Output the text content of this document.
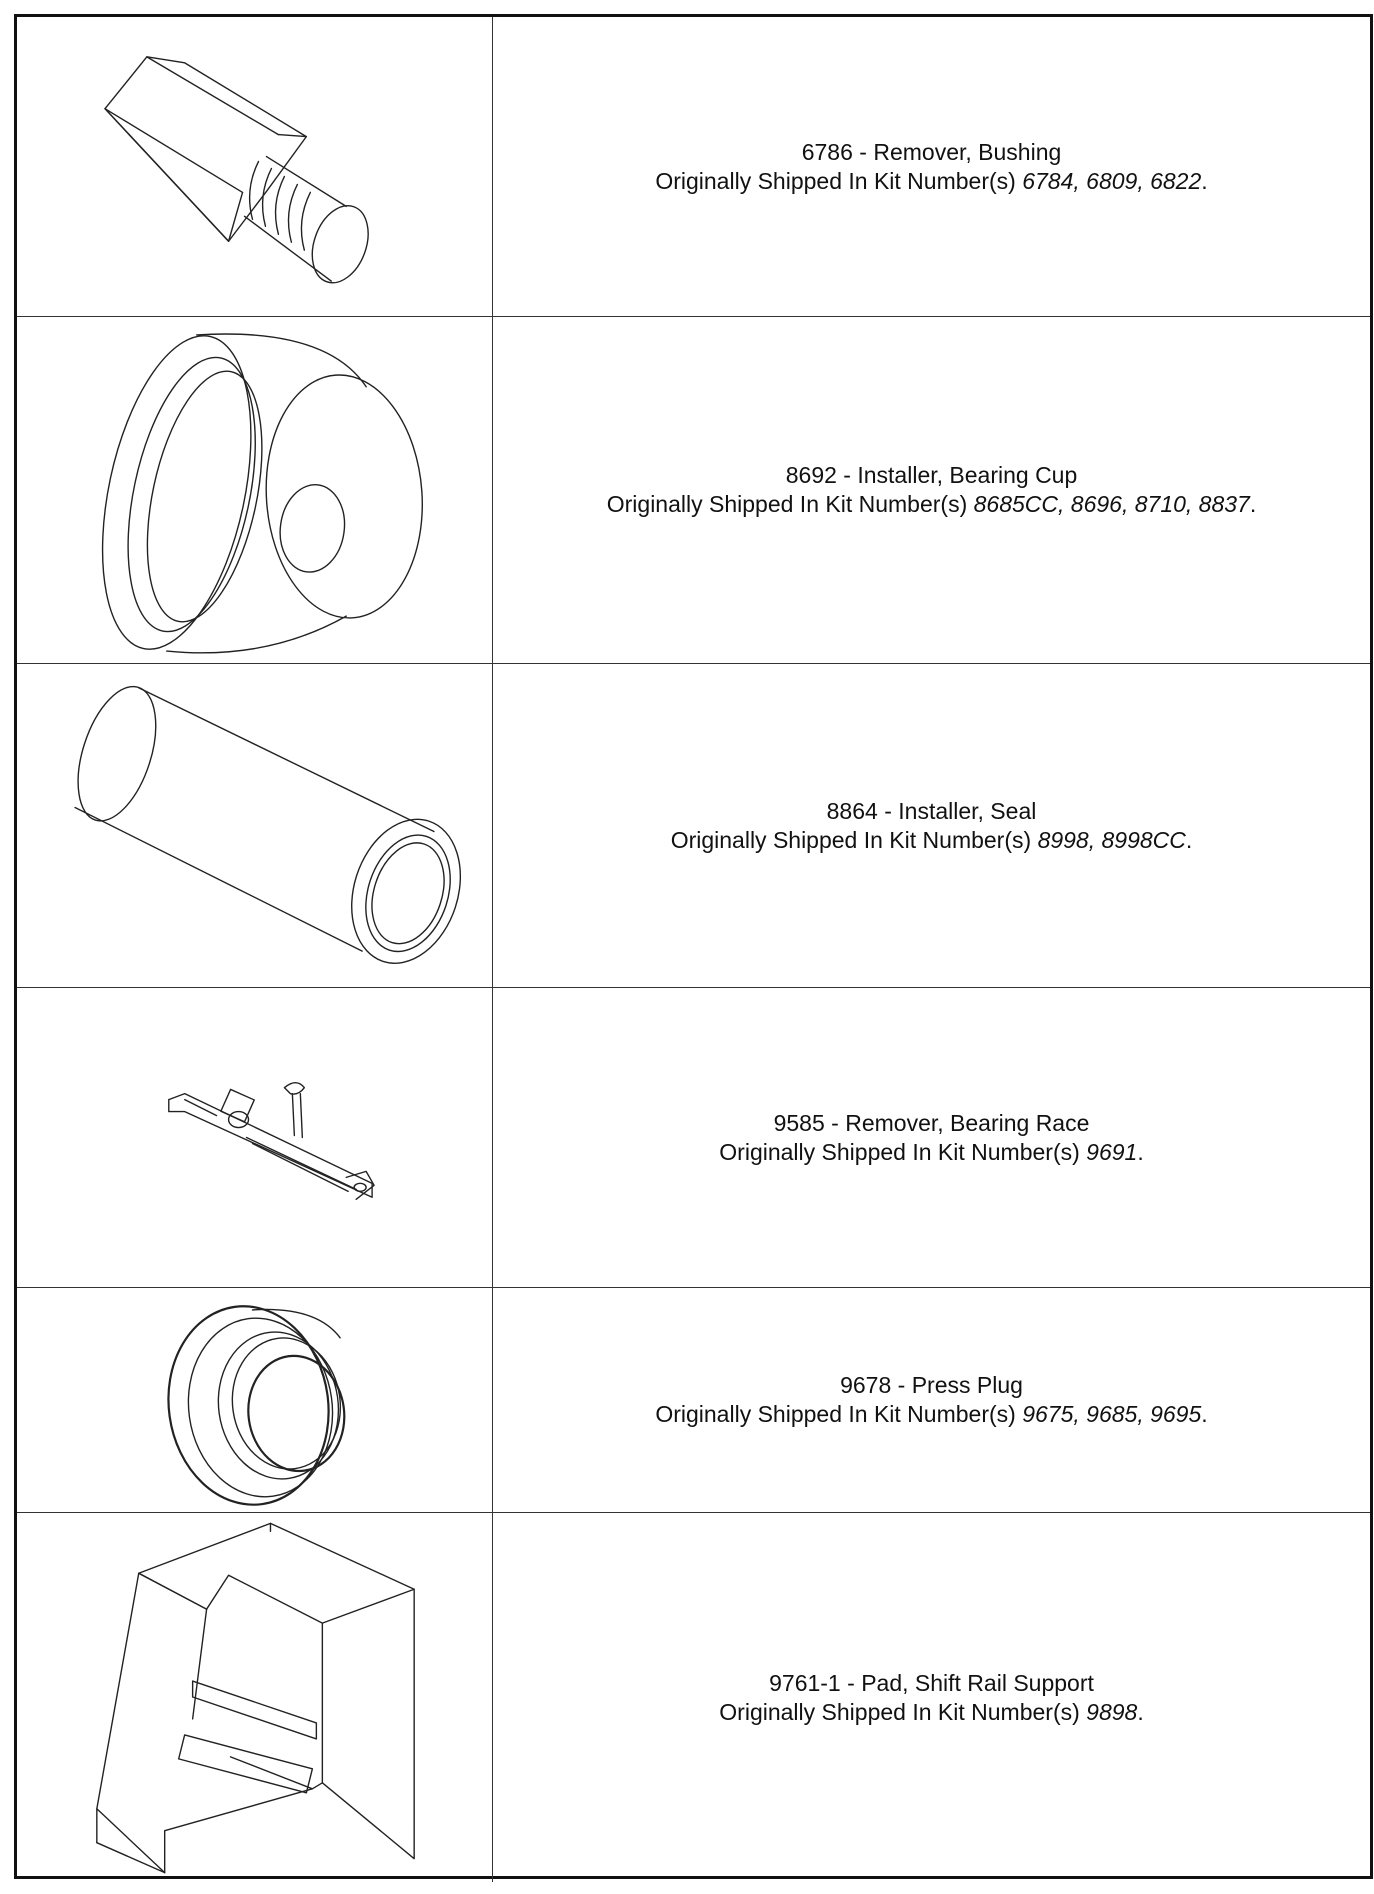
6786 - Remover, Bushing
Originally Shipped In Kit Number(s) 6784, 6809, 6822.
8692 - Installer, Bearing Cup
Originally Shipped In Kit Number(s) 8685CC, 8696, 8710, 8837.
8864 - Installer, Seal
Originally Shipped In Kit Number(s) 8998, 8998CC.
9585 - Remover, Bearing Race
Originally Shipped In Kit Number(s) 9691.
9678 - Press Plug
Originally Shipped In Kit Number(s) 9675, 9685, 9695.
9761-1 - Pad, Shift Rail Support
Originally Shipped In Kit Number(s) 9898.
